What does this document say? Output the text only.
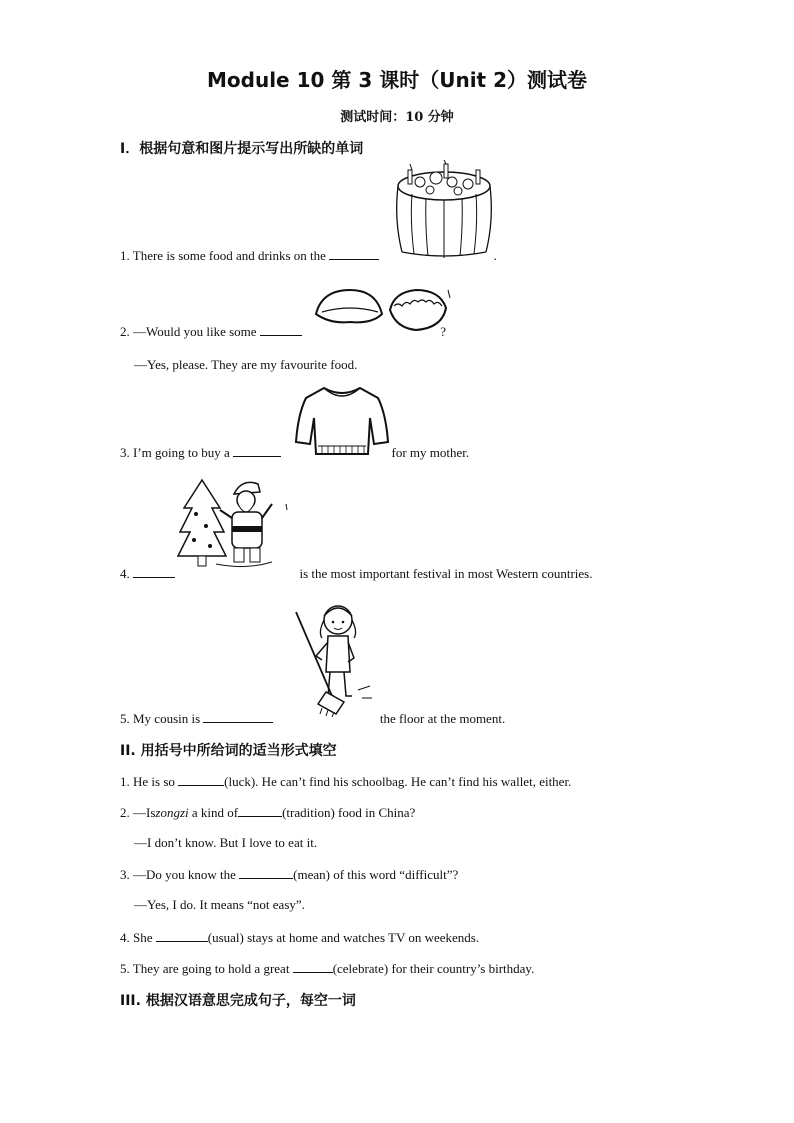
Module 10 第 3 课时（Unit 2）测试卷
测试时间：10 分钟
I．根据句意和图片提示写出所缺的单词
1. There is some food and drinks on the	.
2. —Would you like some	?
—Yes, please. They are my favourite food.
3. I’m going to buy a	for my mother.
4.	is the most important festival in most Western countries.
5. My cousin is	the floor at the moment.
II. 用括号中所给词的适当形式填空
1. He is so	(luck). He can’t find his schoolbag. He can’t find his wallet, either.
2. —Iszongzi a kind of	(tradition) food in China?
—I don’t know. But I love to eat it.
3. —Do you know the	(mean) of this word “difficult”?
—Yes, I do. It means “not easy”.
4. She	(usual) stays at home and watches TV on weekends.
5. They are going to hold a great	(celebrate) for their country’s birthday.
III. 根据汉语意思完成句子，每空一词
